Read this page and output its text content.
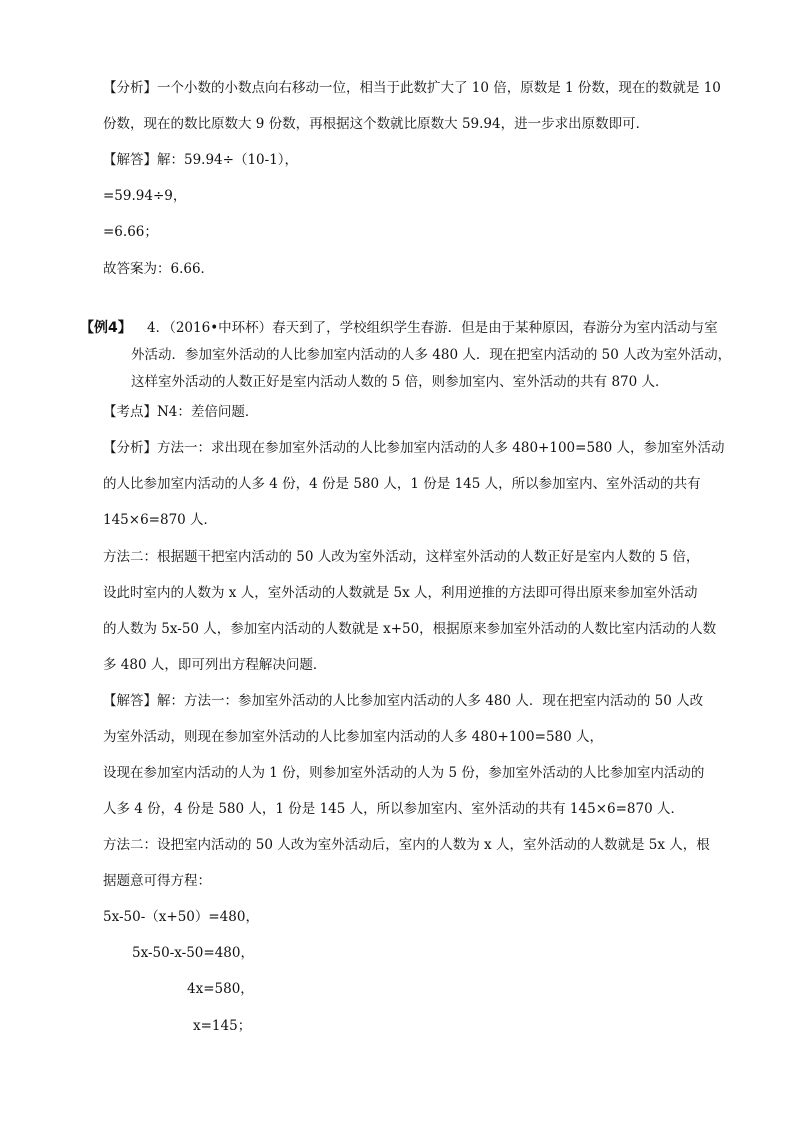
【分析】一个小数的小数点向右移动一位，相当于此数扩大了 10 倍，原数是 1 份数，现在的数就是 10
份数，现在的数比原数大 9 份数，再根据这个数就比原数大 59.94，进一步求出原数即可．
【解答】解：59.94÷（10-1），
=59.94÷9，
=6.66；
故答案为：6.66．
【例4】 4．（2016•中环杯）春天到了，学校组织学生春游．但是由于某种原因，春游分为室内活动与室
外活动．参加室外活动的人比参加室内活动的人多 480 人．现在把室内活动的 50 人改为室外活动，
这样室外活动的人数正好是室内活动人数的 5 倍，则参加室内、室外活动的共有 870 人．
【考点】N4：差倍问题．
【分析】方法一：求出现在参加室外活动的人比参加室内活动的人多 480+100=580 人，参加室外活动
的人比参加室内活动的人多 4 份，4 份是 580 人，1 份是 145 人，所以参加室内、室外活动的共有
145×6=870 人．
方法二：根据题干把室内活动的 50 人改为室外活动，这样室外活动的人数正好是室内人数的 5 倍，
设此时室内的人数为 x 人，室外活动的人数就是 5x 人，利用逆推的方法即可得出原来参加室外活动
的人数为 5x-50 人，参加室内活动的人数就是 x+50，根据原来参加室外活动的人数比室内活动的人数
多 480 人，即可列出方程解决问题．
【解答】解：方法一：参加室外活动的人比参加室内活动的人多 480 人．现在把室内活动的 50 人改
为室外活动，则现在参加室外活动的人比参加室内活动的人多 480+100=580 人，
设现在参加室内活动的人为 1 份，则参加室外活动的人为 5 份，参加室外活动的人比参加室内活动的
人多 4 份，4 份是 580 人，1 份是 145 人，所以参加室内、室外活动的共有 145×6=870 人．
方法二：设把室内活动的 50 人改为室外活动后，室内的人数为 x 人，室外活动的人数就是 5x 人，根
据题意可得方程：
5x-50-（x+50）=480，
5x-50-x-50=480，
4x=580，
x=145；
